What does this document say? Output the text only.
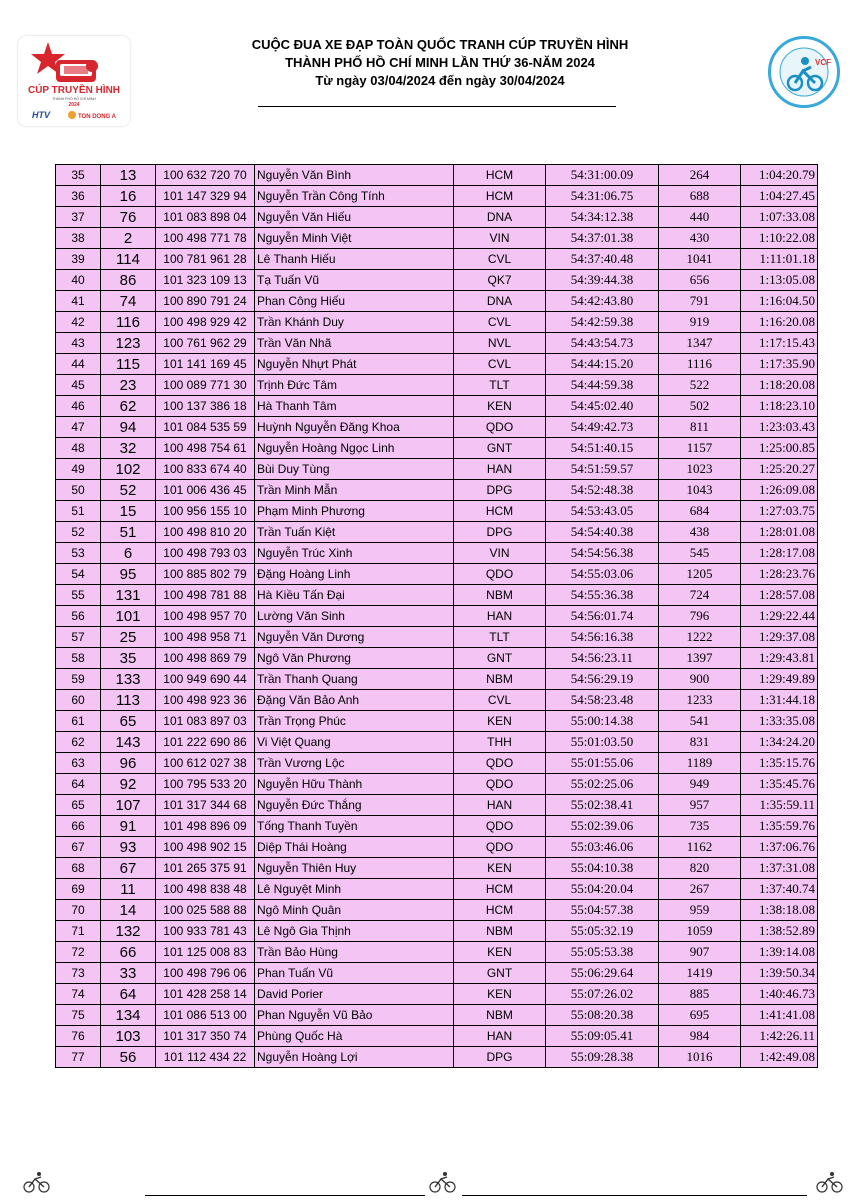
CÚP TRUYỀN HÌNH
THÀNH PHỐ HỒ CHÍ MINH
2024
HTV	TON DONG A
CUỘC ĐUA XE ĐẠP TOÀN QUỐC TRANH CÚP TRUYỀN HÌNH
THÀNH PHỐ HỒ CHÍ MINH LẦN THỨ 36-NĂM 2024
Từ ngày 03/04/2024 đến ngày 30/04/2024
VCF
35	13	100 632 720 70	Nguyễn Văn Bình	HCM	54:31:00.09	264	1:04:20.79
36	16	101 147 329 94	Nguyễn Trần Công Tính	HCM	54:31:06.75	688	1:04:27.45
37	76	101 083 898 04	Nguyễn Văn Hiếu	DNA	54:34:12.38	440	1:07:33.08
38	2	100 498 771 78	Nguyễn Minh Việt	VIN	54:37:01.38	430	1:10:22.08
39	114	100 781 961 28	Lê Thanh Hiếu	CVL	54:37:40.48	1041	1:11:01.18
40	86	101 323 109 13	Tạ Tuấn Vũ	QK7	54:39:44.38	656	1:13:05.08
41	74	100 890 791 24	Phan Công Hiếu	DNA	54:42:43.80	791	1:16:04.50
42	116	100 498 929 42	Trần Khánh Duy	CVL	54:42:59.38	919	1:16:20.08
43	123	100 761 962 29	Trần Văn Nhã	NVL	54:43:54.73	1347	1:17:15.43
44	115	101 141 169 45	Nguyễn Nhựt Phát	CVL	54:44:15.20	1116	1:17:35.90
45	23	100 089 771 30	Trịnh Đức Tâm	TLT	54:44:59.38	522	1:18:20.08
46	62	100 137 386 18	Hà Thanh Tâm	KEN	54:45:02.40	502	1:18:23.10
47	94	101 084 535 59	Huỳnh Nguyễn Đăng Khoa	QDO	54:49:42.73	811	1:23:03.43
48	32	100 498 754 61	Nguyễn Hoàng Ngọc Linh	GNT	54:51:40.15	1157	1:25:00.85
49	102	100 833 674 40	Bùi Duy Tùng	HAN	54:51:59.57	1023	1:25:20.27
50	52	101 006 436 45	Trần Minh Mẫn	DPG	54:52:48.38	1043	1:26:09.08
51	15	100 956 155 10	Phạm Minh Phương	HCM	54:53:43.05	684	1:27:03.75
52	51	100 498 810 20	Trần Tuấn Kiệt	DPG	54:54:40.38	438	1:28:01.08
53	6	100 498 793 03	Nguyễn Trúc Xinh	VIN	54:54:56.38	545	1:28:17.08
54	95	100 885 802 79	Đặng Hoàng Linh	QDO	54:55:03.06	1205	1:28:23.76
55	131	100 498 781 88	Hà Kiều Tấn Đại	NBM	54:55:36.38	724	1:28:57.08
56	101	100 498 957 70	Lường Văn Sinh	HAN	54:56:01.74	796	1:29:22.44
57	25	100 498 958 71	Nguyễn Văn Dương	TLT	54:56:16.38	1222	1:29:37.08
58	35	100 498 869 79	Ngô Văn Phương	GNT	54:56:23.11	1397	1:29:43.81
59	133	100 949 690 44	Trần Thanh Quang	NBM	54:56:29.19	900	1:29:49.89
60	113	100 498 923 36	Đặng Văn Bảo Anh	CVL	54:58:23.48	1233	1:31:44.18
61	65	101 083 897 03	Trần Trọng Phúc	KEN	55:00:14.38	541	1:33:35.08
62	143	101 222 690 86	Vi Việt Quang	THH	55:01:03.50	831	1:34:24.20
63	96	100 612 027 38	Trần Vương Lộc	QDO	55:01:55.06	1189	1:35:15.76
64	92	100 795 533 20	Nguyễn Hữu Thành	QDO	55:02:25.06	949	1:35:45.76
65	107	101 317 344 68	Nguyễn Đức Thắng	HAN	55:02:38.41	957	1:35:59.11
66	91	101 498 896 09	Tống Thanh Tuyền	QDO	55:02:39.06	735	1:35:59.76
67	93	100 498 902 15	Diệp Thái Hoàng	QDO	55:03:46.06	1162	1:37:06.76
68	67	101 265 375 91	Nguyễn Thiên Huy	KEN	55:04:10.38	820	1:37:31.08
69	11	100 498 838 48	Lê Nguyệt Minh	HCM	55:04:20.04	267	1:37:40.74
70	14	100 025 588 88	Ngô Minh Quân	HCM	55:04:57.38	959	1:38:18.08
71	132	100 933 781 43	Lê Ngô Gia Thịnh	NBM	55:05:32.19	1059	1:38:52.89
72	66	101 125 008 83	Trần Bảo Hùng	KEN	55:05:53.38	907	1:39:14.08
73	33	100 498 796 06	Phan Tuấn Vũ	GNT	55:06:29.64	1419	1:39:50.34
74	64	101 428 258 14	David Porier	KEN	55:07:26.02	885	1:40:46.73
75	134	101 086 513 00	Phan Nguyễn Vũ Bảo	NBM	55:08:20.38	695	1:41:41.08
76	103	101 317 350 74	Phùng Quốc Hà	HAN	55:09:05.41	984	1:42:26.11
77	56	101 112 434 22	Nguyễn Hoàng Lợi	DPG	55:09:28.38	1016	1:42:49.08
